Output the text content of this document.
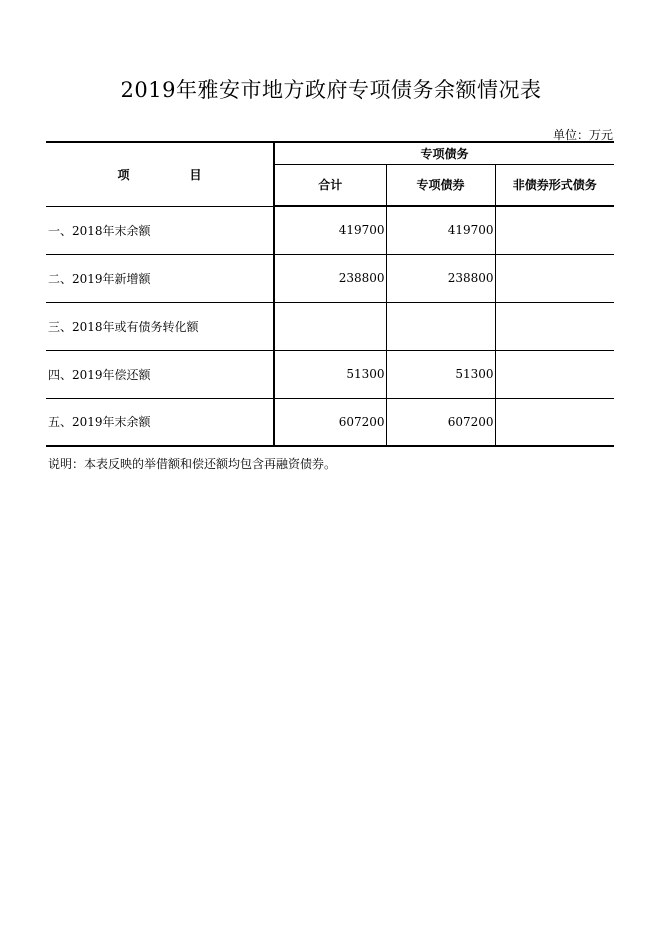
2019年雅安市地方政府专项债务余额情况表
单位：万元
项 目	专项债务		
	合计	专项债券	非债券形式债务
一、2018年末余额	419700	419700	
二、2019年新增额	238800	238800	
三、2018年或有债务转化额			
四、2019年偿还额	51300	51300	
五、2019年末余额	607200	607200	
说明：本表反映的举借额和偿还额均包含再融资债券。
